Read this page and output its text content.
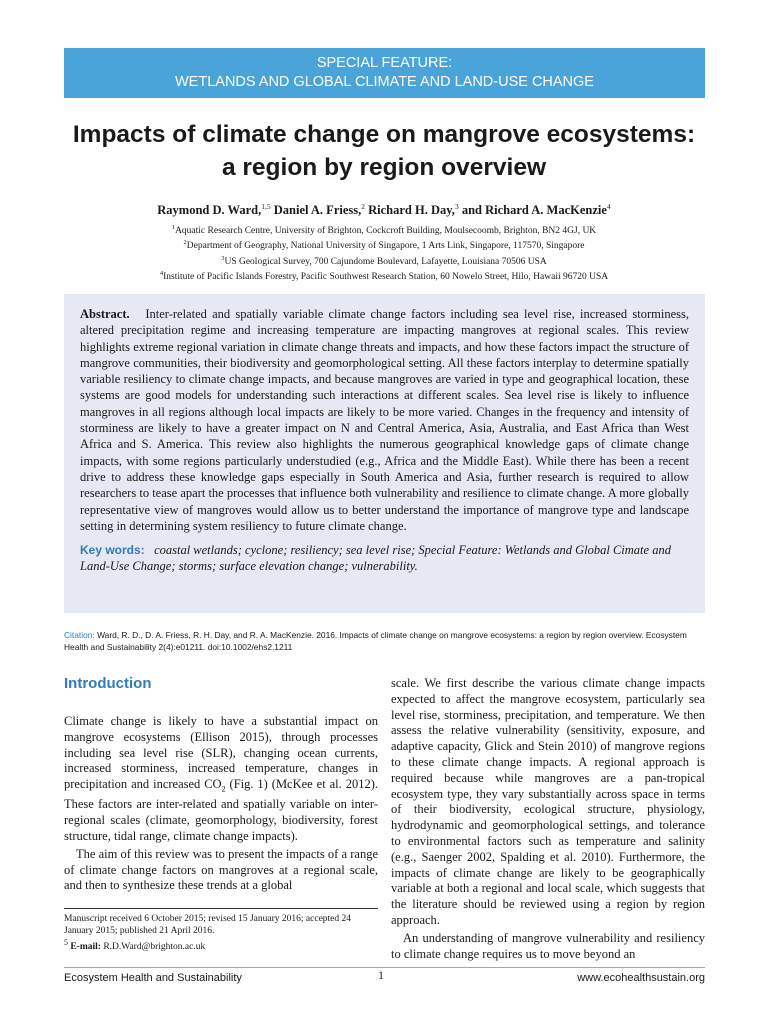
SPECIAL FEATURE:
WETLANDS AND GLOBAL CLIMATE AND LAND-USE CHANGE
Impacts of climate change on mangrove ecosystems:
a region by region overview
Raymond D. Ward,$^{1,5}$ Daniel A. Friess,$^2$ Richard H. Day,$^3$ and Richard A. MacKenzie$^4$
$^1$Aquatic Research Centre, University of Brighton, Cockcroft Building, Moulsecoomb, Brighton, BN2 4GJ, UK
$^2$Department of Geography, National University of Singapore, 1 Arts Link, Singapore, 117570, Singapore
$^3$US Geological Survey, 700 Cajundome Boulevard, Lafayette, Louisiana 70506 USA
$^4$Institute of Pacific Islands Forestry, Pacific Southwest Research Station, 60 Nowelo Street, Hilo, Hawaii 96720 USA

Abstract. Inter-related and spatially variable climate change factors including sea level rise, increased storminess, altered precipitation regime and increasing temperature are impacting mangroves at regional scales. This review highlights extreme regional variation in climate change threats and impacts, and how these factors impact the structure of mangrove communities, their biodiversity and geomorphological setting. All these factors interplay to determine spatially variable resiliency to climate change impacts, and because mangroves are varied in type and geographical location, these systems are good models for understanding such interactions at different scales. Sea level rise is likely to influence mangroves in all regions although local impacts are likely to be more varied. Changes in the frequency and intensity of storminess are likely to have a greater impact on N and Central America, Asia, Australia, and East Africa than West Africa and S. America. This review also highlights the numerous geographical knowledge gaps of climate change impacts, with some regions particularly understudied (e.g., Africa and the Middle East). While there has been a recent drive to address these knowledge gaps especially in South America and Asia, further research is required to allow researchers to tease apart the processes that influence both vulnerability and resilience to climate change. A more globally representative view of mangroves would allow us to better understand the importance of mangrove type and landscape setting in determining system resiliency to future climate change.

Key words: coastal wetlands; cyclone; resiliency; sea level rise; Special Feature: Wetlands and Global Cimate and Land-Use Change; storms; surface elevation change; vulnerability.

Citation: Ward, R. D., D. A. Friess, R. H. Day, and R. A. MacKenzie. 2016. Impacts of climate change on mangrove ecosystems: a region by region overview. Ecosystem Health and Sustainability 2(4):e01211. doi:10.1002/ehs2.1211
Introduction

Climate change is likely to have a substantial impact on mangrove ecosystems (Ellison 2015), through processes including sea level rise (SLR), changing ocean currents, increased storminess, increased temperature, changes in precipitation and increased $CO_2$ (Fig. 1) (McKee et al. 2012). These factors are inter-related and spatially variable on inter-regional scales (climate, geomorphology, biodiversity, forest structure, tidal range, climate change impacts).

The aim of this review was to present the impacts of a range of climate change factors on mangroves at a regional scale, and then to synthesize these trends at a global

Manuscript received 6 October 2015; revised 15 January 2016; accepted 24 January 2015; published 21 April 2016.
$^5$ E-mail: R.D.Ward@brighton.ac.uk

scale. We first describe the various climate change impacts expected to affect the mangrove ecosystem, particularly sea level rise, storminess, precipitation, and temperature. We then assess the relative vulnerability (sensitivity, exposure, and adaptive capacity, Glick and Stein 2010) of mangrove regions to these climate change impacts. A regional approach is required because while mangroves are a pan-tropical ecosystem type, they vary substantially across space in terms of their biodiversity, ecological structure, physiology, hydrodynamic and geomorphological settings, and tolerance to environmental factors such as temperature and salinity (e.g., Saenger 2002, Spalding et al. 2010). Furthermore, the impacts of climate change are likely to be geographically variable at both a regional and local scale, which suggests that the literature should be reviewed using a region by region approach.

An understanding of mangrove vulnerability and resiliency to climate change requires us to move beyond an

Ecosystem Health and Sustainability	1	www.ecohealthsustain.org
